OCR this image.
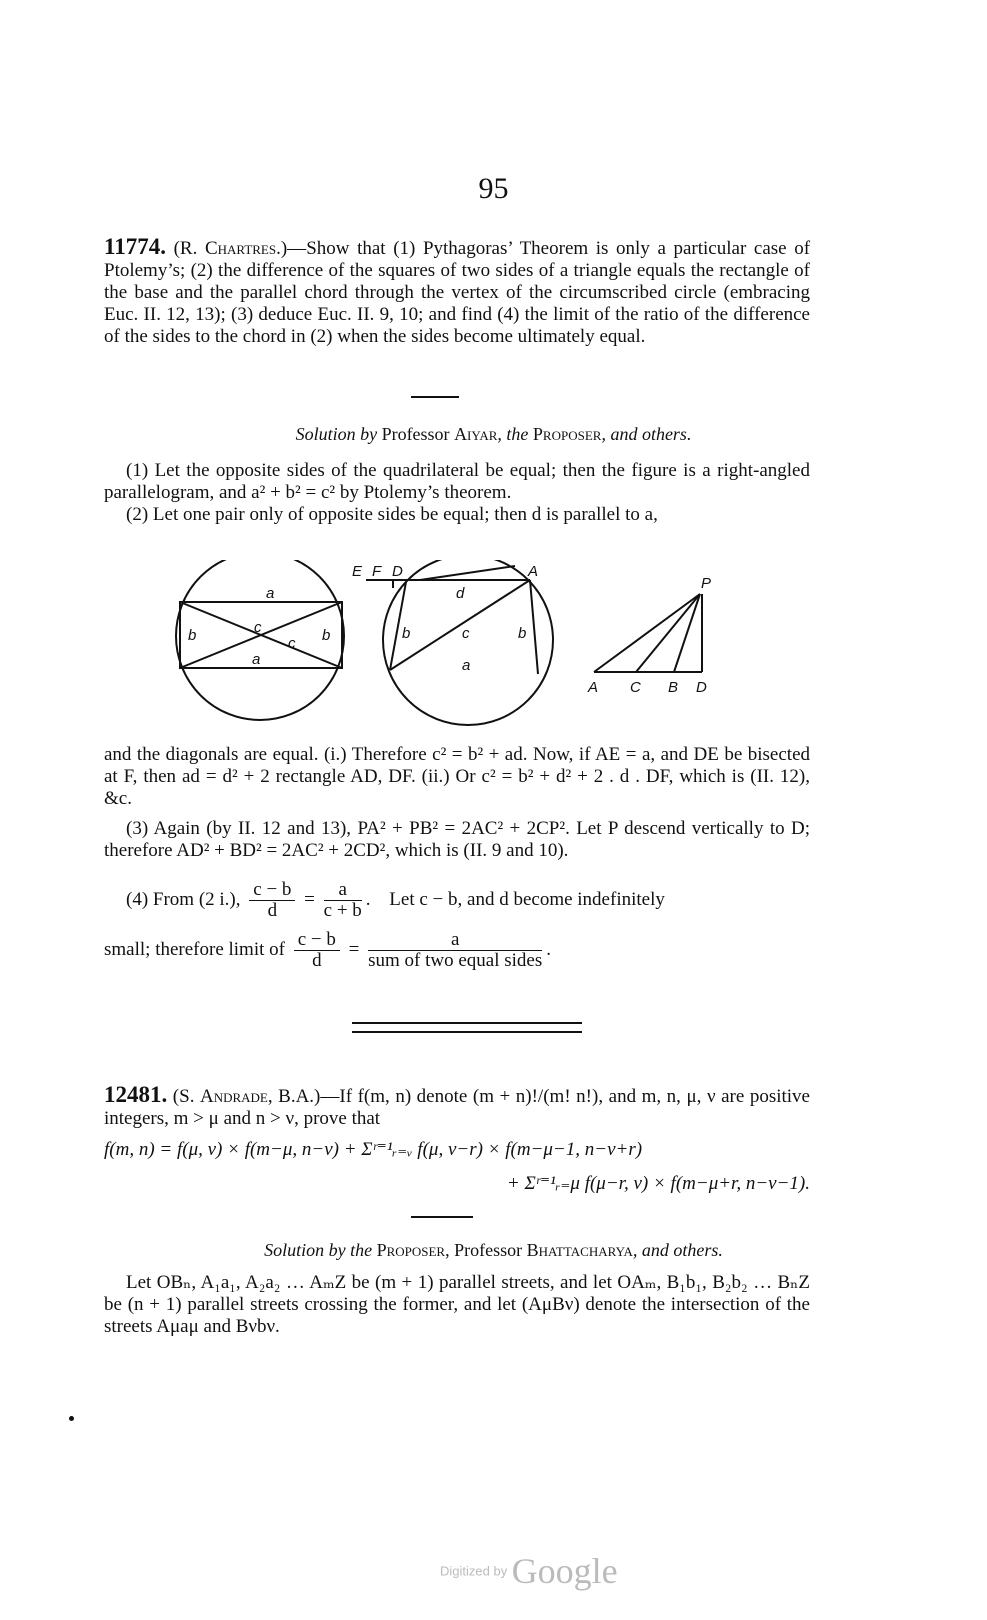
95
11774. (R. Chartres.)—Show that (1) Pythagoras’ Theorem is only a particular case of Ptolemy’s; (2) the difference of the squares of two sides of a triangle equals the rectangle of the base and the parallel chord through the vertex of the circumscribed circle (embracing Euc. II. 12, 13); (3) deduce Euc. II. 9, 10; and find (4) the limit of the ratio of the difference of the sides to the chord in (2) when the sides become ultimately equal.
Solution by Professor Aiyar, the Proposer, and others.
(1) Let the opposite sides of the quadrilateral be equal; then the figure is a right-angled parallelogram, and a² + b² = c² by Ptolemy’s theorem.
(2) Let one pair only of opposite sides be equal; then d is parallel to a,
a
b	c
c b
a
E F D	A
d
b	c	b
a
P
A C B D
and the diagonals are equal. (i.) Therefore c² = b² + ad. Now, if AE = a, and DE be bisected at F, then ad = d² + 2 rectangle AD, DF. (ii.) Or c² = b² + d² + 2 . d . DF, which is (II. 12), &c.
(3) Again (by II. 12 and 13), PA² + PB² = 2AC² + 2CP². Let P descend vertically to D; therefore AD² + BD² = 2AC² + 2CD², which is (II. 9 and 10).
(4) From (2 i.), $\frac{c - b}{d} = \frac{a}{c + b}$ . Let c − b, and d become indefinitely
small; therefore limit of $\frac{c - b}{d} = \frac{a}{\text{sum of two equal sides}}$ .
12481. (S. Andrade, B.A.)—If f(m, n) denote (m + n)!/(m! n!), and m, n, μ, ν are positive integers, m > μ and n > ν, prove that
f(m, n) = f(μ, ν) × f(m−μ, n−ν) + Σʳ⁼¹ᵣ₌ᵥ f(μ, ν−r) × f(m−μ−1, n−ν+r)
+ Σʳ⁼¹ᵣ₌μ f(μ−r, ν) × f(m−μ+r, n−ν−1).
Solution by the Proposer, Professor Bhattacharya, and others.
Let OBₙ, A₁a₁, A₂a₂ … AₘZ be (m + 1) parallel streets, and let OAₘ, B₁b₁, B₂b₂ … BₙZ be (n + 1) parallel streets crossing the former, and let (AμBν) denote the intersection of the streets Aμaμ and Bνbν.
Digitized by Google
